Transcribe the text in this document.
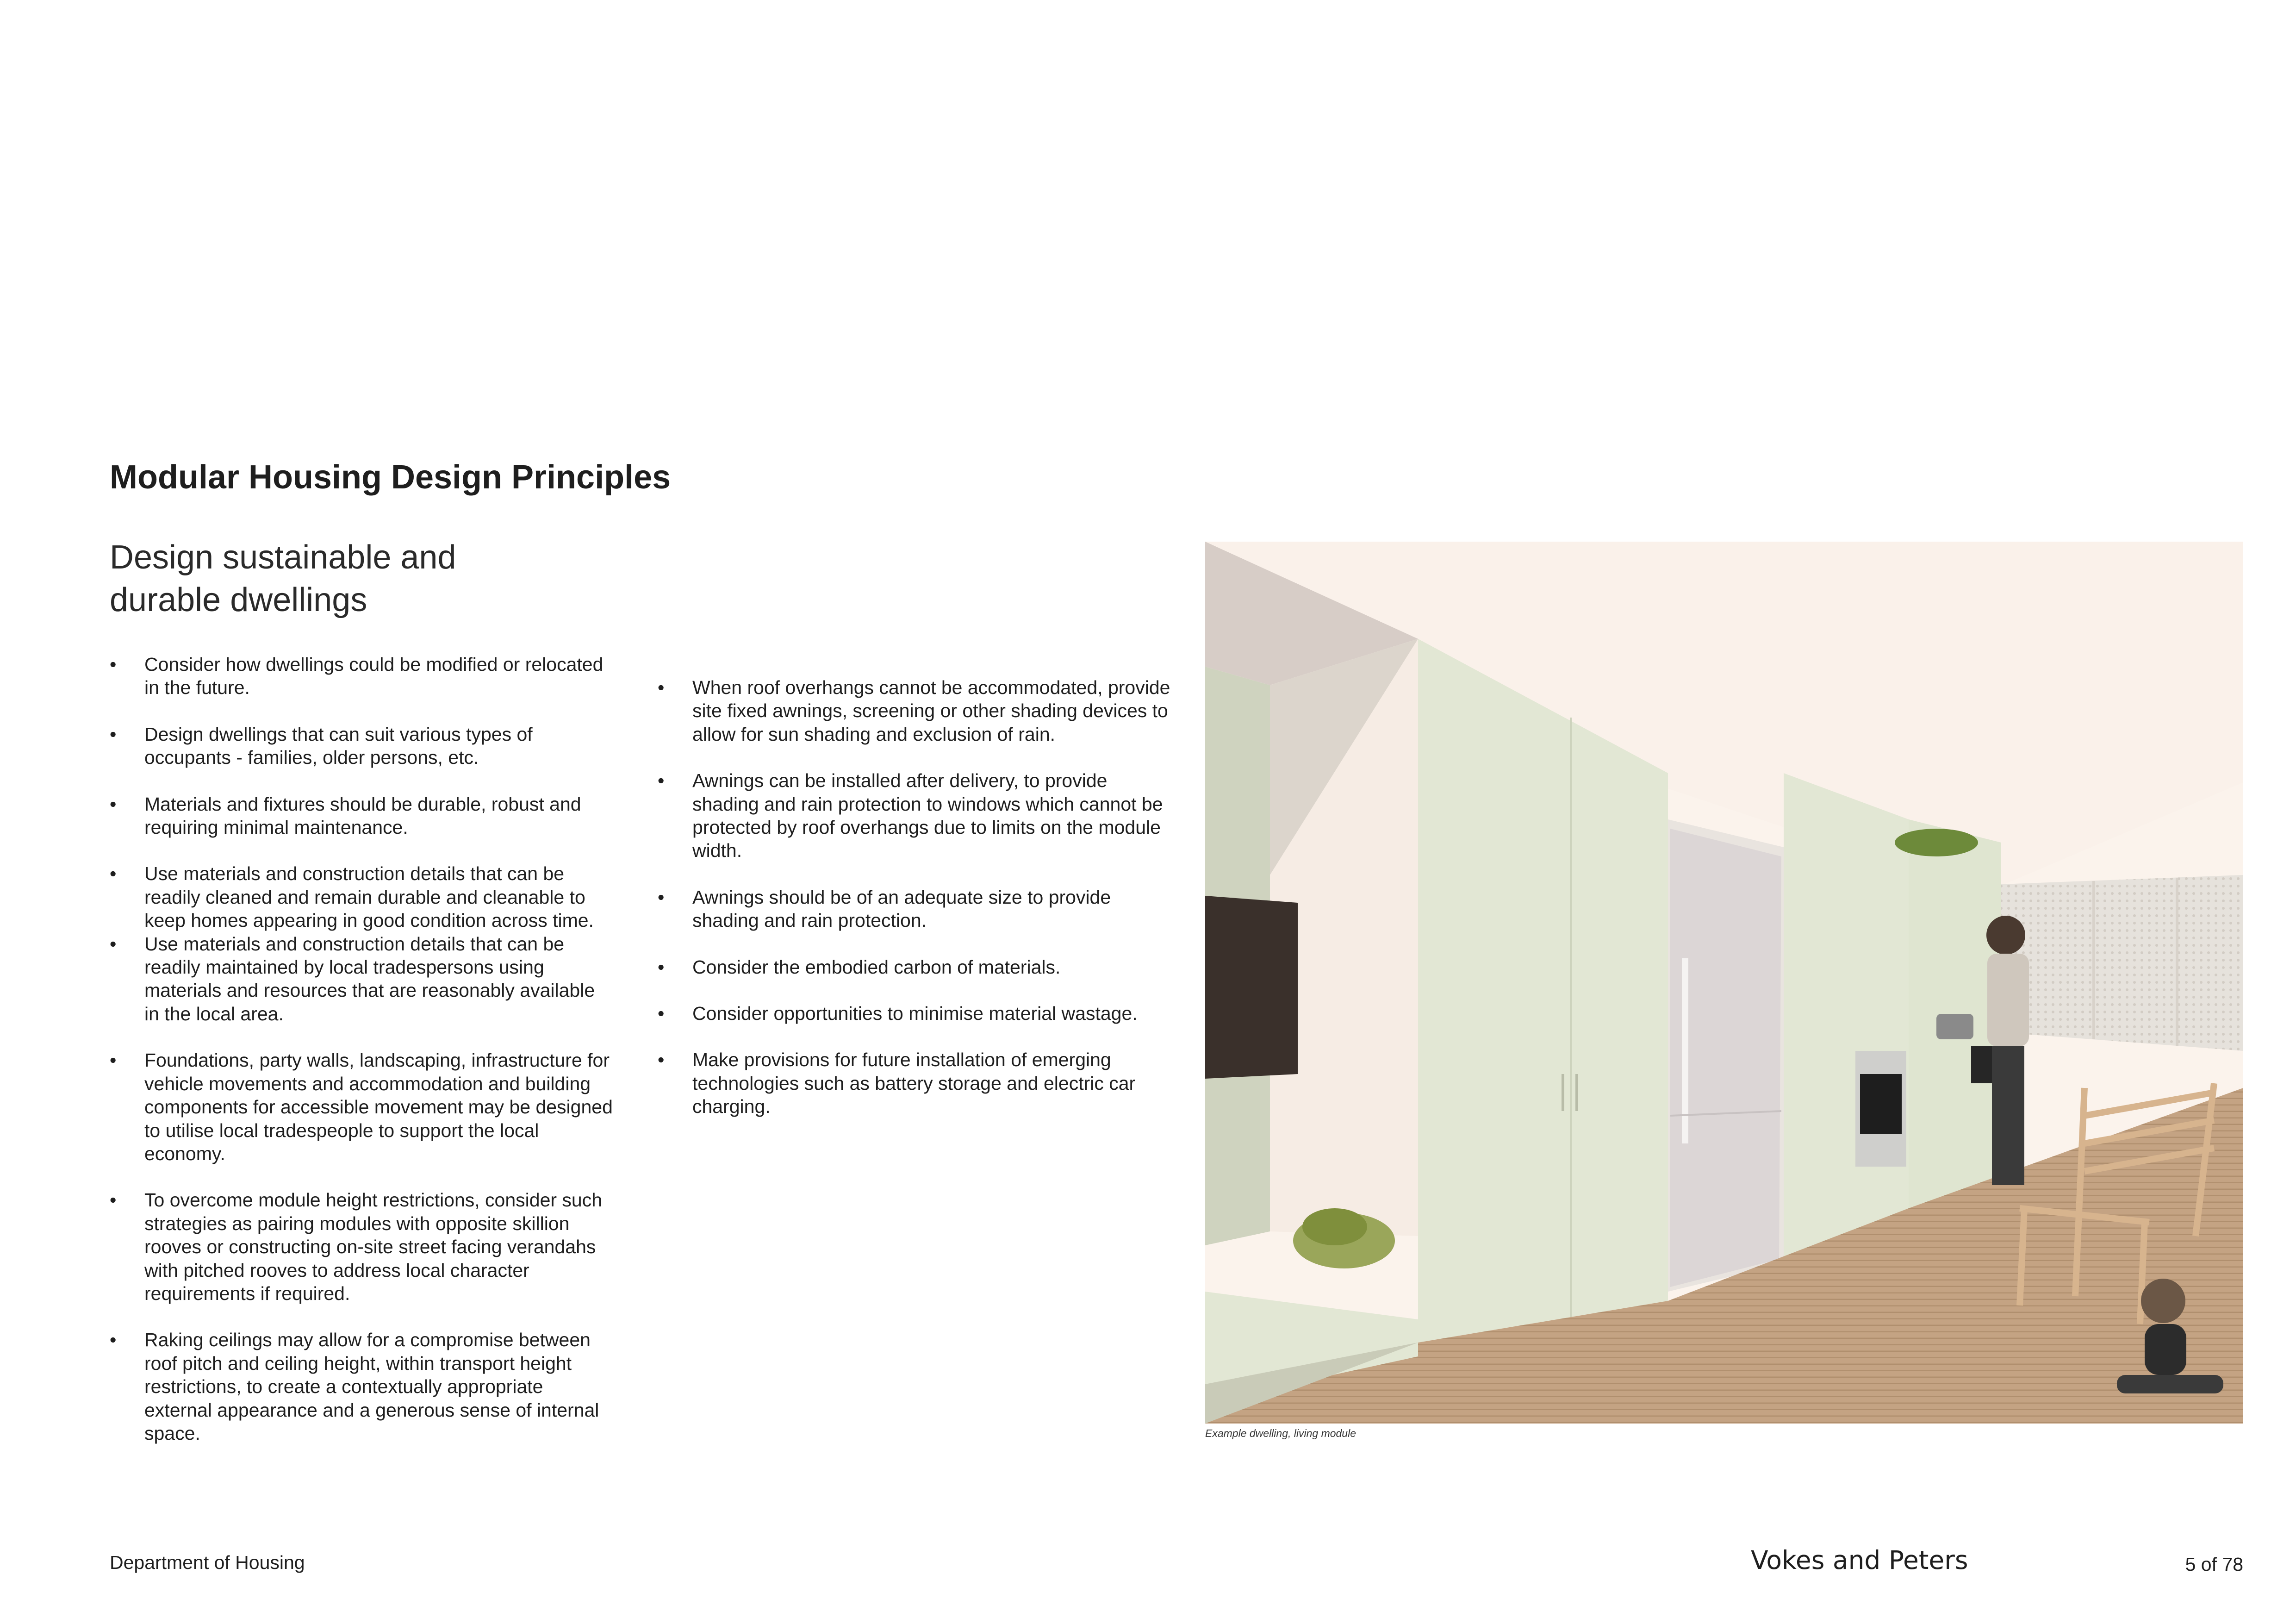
Modular Housing Design Principles
Design sustainable and
durable dwellings
• Consider how dwellings could be modified or relocated in the future.
• Design dwellings that can suit various types of occupants - families, older persons, etc.
• Materials and fixtures should be durable, robust and requiring minimal maintenance.
• Use materials and construction details that can be readily cleaned and remain durable and cleanable to keep homes appearing in good condition across time.
• Use materials and construction details that can be readily maintained by local tradespersons using materials and resources that are reasonably available in the local area.
• Foundations, party walls, landscaping, infrastructure for vehicle movements and accommodation and building components for accessible movement may be designed to utilise local tradespeople to support the local economy.
• To overcome module height restrictions, consider such strategies as pairing modules with opposite skillion rooves or constructing on-site street facing verandahs with pitched rooves to address local character requirements if required.
• Raking ceilings may allow for a compromise between roof pitch and ceiling height, within transport height restrictions, to create a contextually appropriate external appearance and a generous sense of internal space.
• When roof overhangs cannot be accommodated, provide site fixed awnings, screening or other shading devices to allow for sun shading and exclusion of rain.
• Awnings can be installed after delivery, to provide shading and rain protection to windows which cannot be protected by roof overhangs due to limits on the module width.
• Awnings should be of an adequate size to provide shading and rain protection.
• Consider the embodied carbon of materials.
• Consider opportunities to minimise material wastage.
• Make provisions for future installation of emerging technologies such as battery storage and electric car charging.
Example dwelling, living module
Department of Housing	Vokes and Peters	5 of 78
